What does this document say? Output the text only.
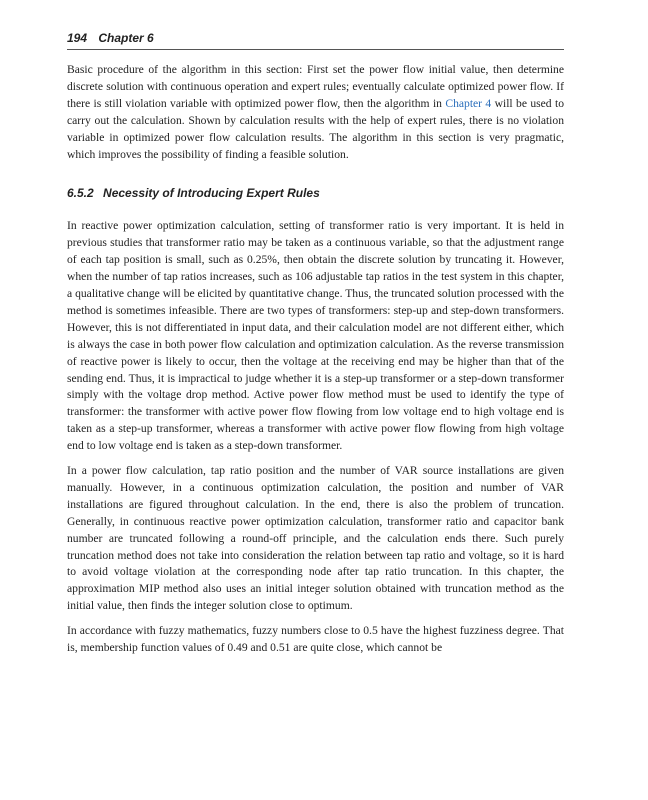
194 Chapter 6

Basic procedure of the algorithm in this section: First set the power flow initial value, then determine discrete solution with continuous operation and expert rules; eventually calculate optimized power flow. If there is still violation variable with optimized power flow, then the algorithm in Chapter 4 will be used to carry out the calculation. Shown by calculation results with the help of expert rules, there is no violation variable in optimized power flow calculation results. The algorithm in this section is very pragmatic, which improves the possibility of finding a feasible solution.

6.5.2 Necessity of Introducing Expert Rules

In reactive power optimization calculation, setting of transformer ratio is very important. It is held in previous studies that transformer ratio may be taken as a continuous variable, so that the adjustment range of each tap position is small, such as 0.25%, then obtain the discrete solution by truncating it. However, when the number of tap ratios increases, such as 106 adjustable tap ratios in the test system in this chapter, a qualitative change will be elicited by quantitative change. Thus, the truncated solution processed with the method is sometimes infeasible. There are two types of transformers: step-up and step-down transformers. However, this is not differentiated in input data, and their calculation model are not different either, which is always the case in both power flow calculation and optimization calculation. As the reverse transmission of reactive power is likely to occur, then the voltage at the receiving end may be higher than that of the sending end. Thus, it is impractical to judge whether it is a step-up transformer or a step-down transformer simply with the voltage drop method. Active power flow method must be used to identify the type of transformer: the transformer with active power flow flowing from low voltage end to high voltage end is taken as a step-up transformer, whereas a transformer with active power flow flowing from high voltage end to low voltage end is taken as a step-down transformer.

In a power flow calculation, tap ratio position and the number of VAR source installations are given manually. However, in a continuous optimization calculation, the position and number of VAR installations are figured throughout calculation. In the end, there is also the problem of truncation. Generally, in continuous reactive power optimization calculation, transformer ratio and capacitor bank number are truncated following a round-off principle, and the calculation ends there. Such purely truncation method does not take into consideration the relation between tap ratio and voltage, so it is hard to avoid voltage violation at the corresponding node after tap ratio truncation. In this chapter, the approximation MIP method also uses an initial integer solution obtained with truncation method as the initial value, then finds the integer solution close to optimum.

In accordance with fuzzy mathematics, fuzzy numbers close to 0.5 have the highest fuzziness degree. That is, membership function values of 0.49 and 0.51 are quite close, which cannot be
